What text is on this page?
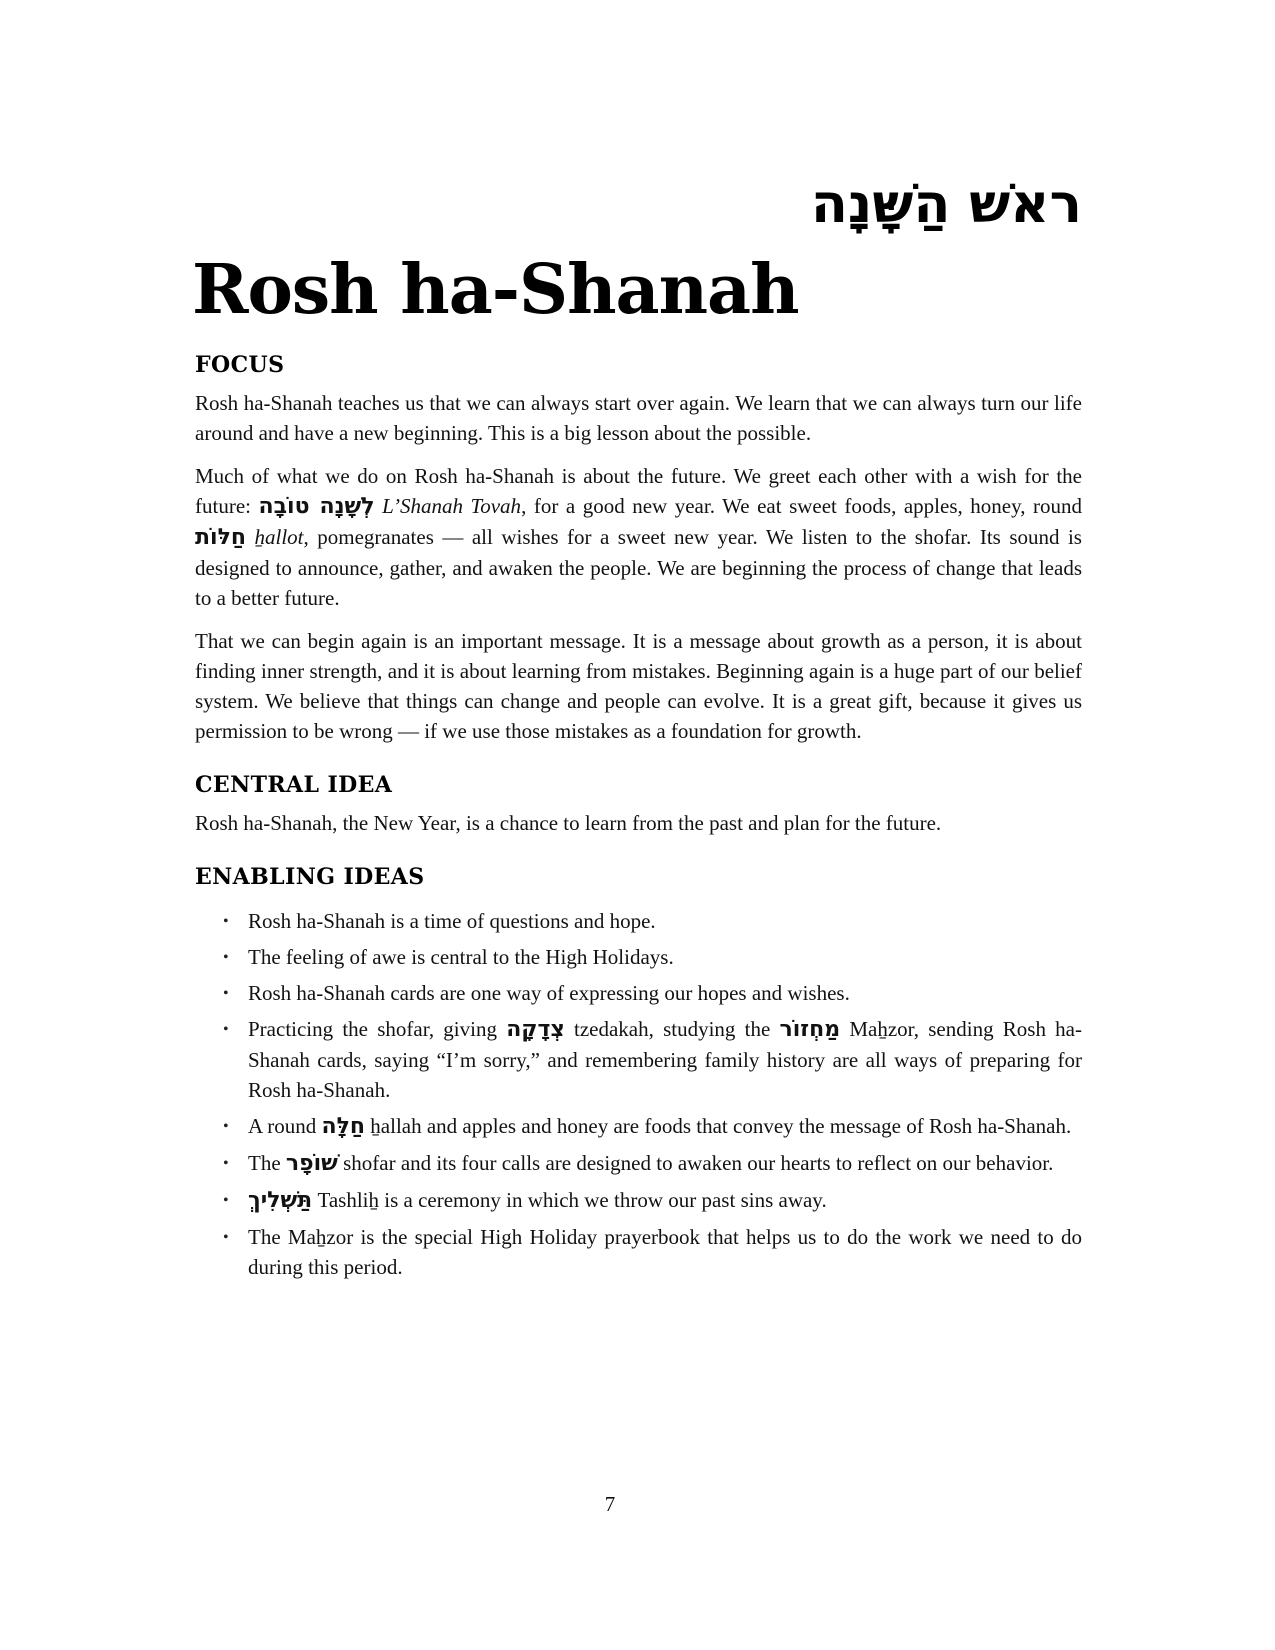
ראשׁ הַשָּׁנָה
Rosh ha-Shanah
FOCUS

Rosh ha-Shanah teaches us that we can always start over again. We learn that we can always turn our life around and have a new beginning. This is a big lesson about the possible.

Much of what we do on Rosh ha-Shanah is about the future. We greet each other with a wish for the future: לְשָׁנָה טוֹבָה L’Shanah Tovah, for a good new year. We eat sweet foods, apples, honey, round חַלּוֹת ẖallot, pomegranates — all wishes for a sweet new year. We listen to the shofar. Its sound is designed to announce, gather, and awaken the people. We are beginning the process of change that leads to a better future.

That we can begin again is an important message. It is a message about growth as a person, it is about finding inner strength, and it is about learning from mistakes. Beginning again is a huge part of our belief system. We believe that things can change and people can evolve. It is a great gift, because it gives us permission to be wrong — if we use those mistakes as a foundation for growth.

CENTRAL IDEA

Rosh ha-Shanah, the New Year, is a chance to learn from the past and plan for the future.

ENABLING IDEAS
• Rosh ha-Shanah is a time of questions and hope.
• The feeling of awe is central to the High Holidays.
• Rosh ha-Shanah cards are one way of expressing our hopes and wishes.
• Practicing the shofar, giving צְדָקָה tzedakah, studying the מַחְזוֹר Maẖzor, sending Rosh ha-Shanah cards, saying “I’m sorry,” and remembering family history are all ways of preparing for Rosh ha-Shanah.
• A round חַלָּה ẖallah and apples and honey are foods that convey the message of Rosh ha-Shanah.
• The שׁוֹפָר shofar and its four calls are designed to awaken our hearts to reflect on our behavior.
• תַּשְׁלִיךְ Tashliẖ is a ceremony in which we throw our past sins away.
• The Maẖzor is the special High Holiday prayerbook that helps us to do the work we need to do during this period.
7
